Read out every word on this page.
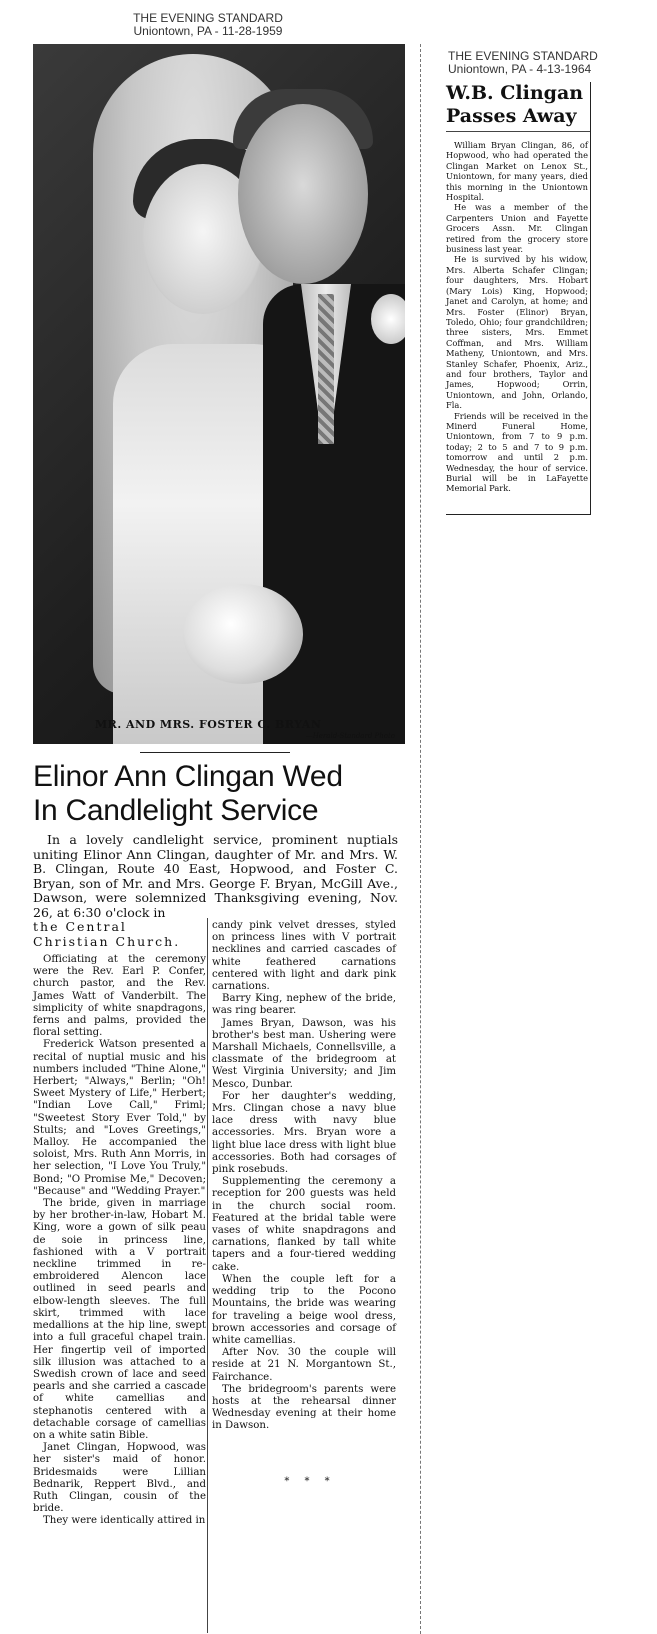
THE EVENING STANDARD
Uniontown, PA - 11-28-1959
MR. AND MRS. FOSTER C. BRYAN
—Herald-Standard Photo
Elinor Ann Clingan Wed
In Candlelight Service
In a lovely candlelight service, prominent nuptials uniting Elinor Ann Clingan, daughter of Mr. and Mrs. W. B. Clingan, Route 40 East, Hopwood, and Foster C. Bryan, son of Mr. and Mrs. George F. Bryan, McGill Ave., Dawson, were solemnized Thanksgiving evening, Nov. 26, at 6:30 o'clock in
the Central Christian Church.

Officiating at the ceremony were the Rev. Earl P. Confer, church pastor, and the Rev. James Watt of Vanderbilt. The simplicity of white snapdragons, ferns and palms, provided the floral setting.

Frederick Watson presented a recital of nuptial music and his numbers included "Thine Alone," Herbert; "Always," Berlin; "Oh! Sweet Mystery of Life," Herbert; "Indian Love Call," Friml; "Sweetest Story Ever Told," by Stults; and "Loves Greetings," Malloy. He accompanied the soloist, Mrs. Ruth Ann Morris, in her selection, "I Love You Truly," Bond; "O Promise Me," Decoven; "Because" and "Wedding Prayer."

The bride, given in marriage by her brother-in-law, Hobart M. King, wore a gown of silk peau de soie in princess line, fashioned with a V portrait neckline trimmed in re-embroidered Alencon lace outlined in seed pearls and elbow-length sleeves. The full skirt, trimmed with lace medallions at the hip line, swept into a full graceful chapel train. Her fingertip veil of imported silk illusion was attached to a Swedish crown of lace and seed pearls and she carried a cascade of white camellias and stephanotis centered with a detachable corsage of camellias on a white satin Bible.

Janet Clingan, Hopwood, was her sister's maid of honor. Bridesmaids were Lillian Bednarik, Reppert Blvd., and Ruth Clingan, cousin of the bride.

They were identically attired in

candy pink velvet dresses, styled on princess lines with V portrait necklines and carried cascades of white feathered carnations centered with light and dark pink carnations.

Barry King, nephew of the bride, was ring bearer.

James Bryan, Dawson, was his brother's best man. Ushering were Marshall Michaels, Connellsville, a classmate of the bridegroom at West Virginia University; and Jim Mesco, Dunbar.

For her daughter's wedding, Mrs. Clingan chose a navy blue lace dress with navy blue accessories. Mrs. Bryan wore a light blue lace dress with light blue accessories. Both had corsages of pink rosebuds.

Supplementing the ceremony a reception for 200 guests was held in the church social room. Featured at the bridal table were vases of white snapdragons and carnations, flanked by tall white tapers and a four-tiered wedding cake.

When the couple left for a wedding trip to the Pocono Mountains, the bride was wearing for traveling a beige wool dress, brown accessories and corsage of white camellias.

After Nov. 30 the couple will reside at 21 N. Morgantown St., Fairchance.

The bridegroom's parents were hosts at the rehearsal dinner Wednesday evening at their home in Dawson.

* * *
THE EVENING STANDARD
Uniontown, PA - 4-13-1964
W.B. Clingan
Passes Away

William Bryan Clingan, 86, of Hopwood, who had operated the Clingan Market on Lenox St., Uniontown, for many years, died this morning in the Uniontown Hospital.

He was a member of the Carpenters Union and Fayette Grocers Assn. Mr. Clingan retired from the grocery store business last year.

He is survived by his widow, Mrs. Alberta Schafer Clingan; four daughters, Mrs. Hobart (Mary Lois) King, Hopwood; Janet and Carolyn, at home; and Mrs. Foster (Elinor) Bryan, Toledo, Ohio; four grandchildren; three sisters, Mrs. Emmet Coffman, and Mrs. William Matheny, Uniontown, and Mrs. Stanley Schafer, Phoenix, Ariz., and four brothers, Taylor and James, Hopwood; Orrin, Uniontown, and John, Orlando, Fla.

Friends will be received in the Minerd Funeral Home, Uniontown, from 7 to 9 p.m. today; 2 to 5 and 7 to 9 p.m. tomorrow and until 2 p.m. Wednesday, the hour of service. Burial will be in LaFayette Memorial Park.
